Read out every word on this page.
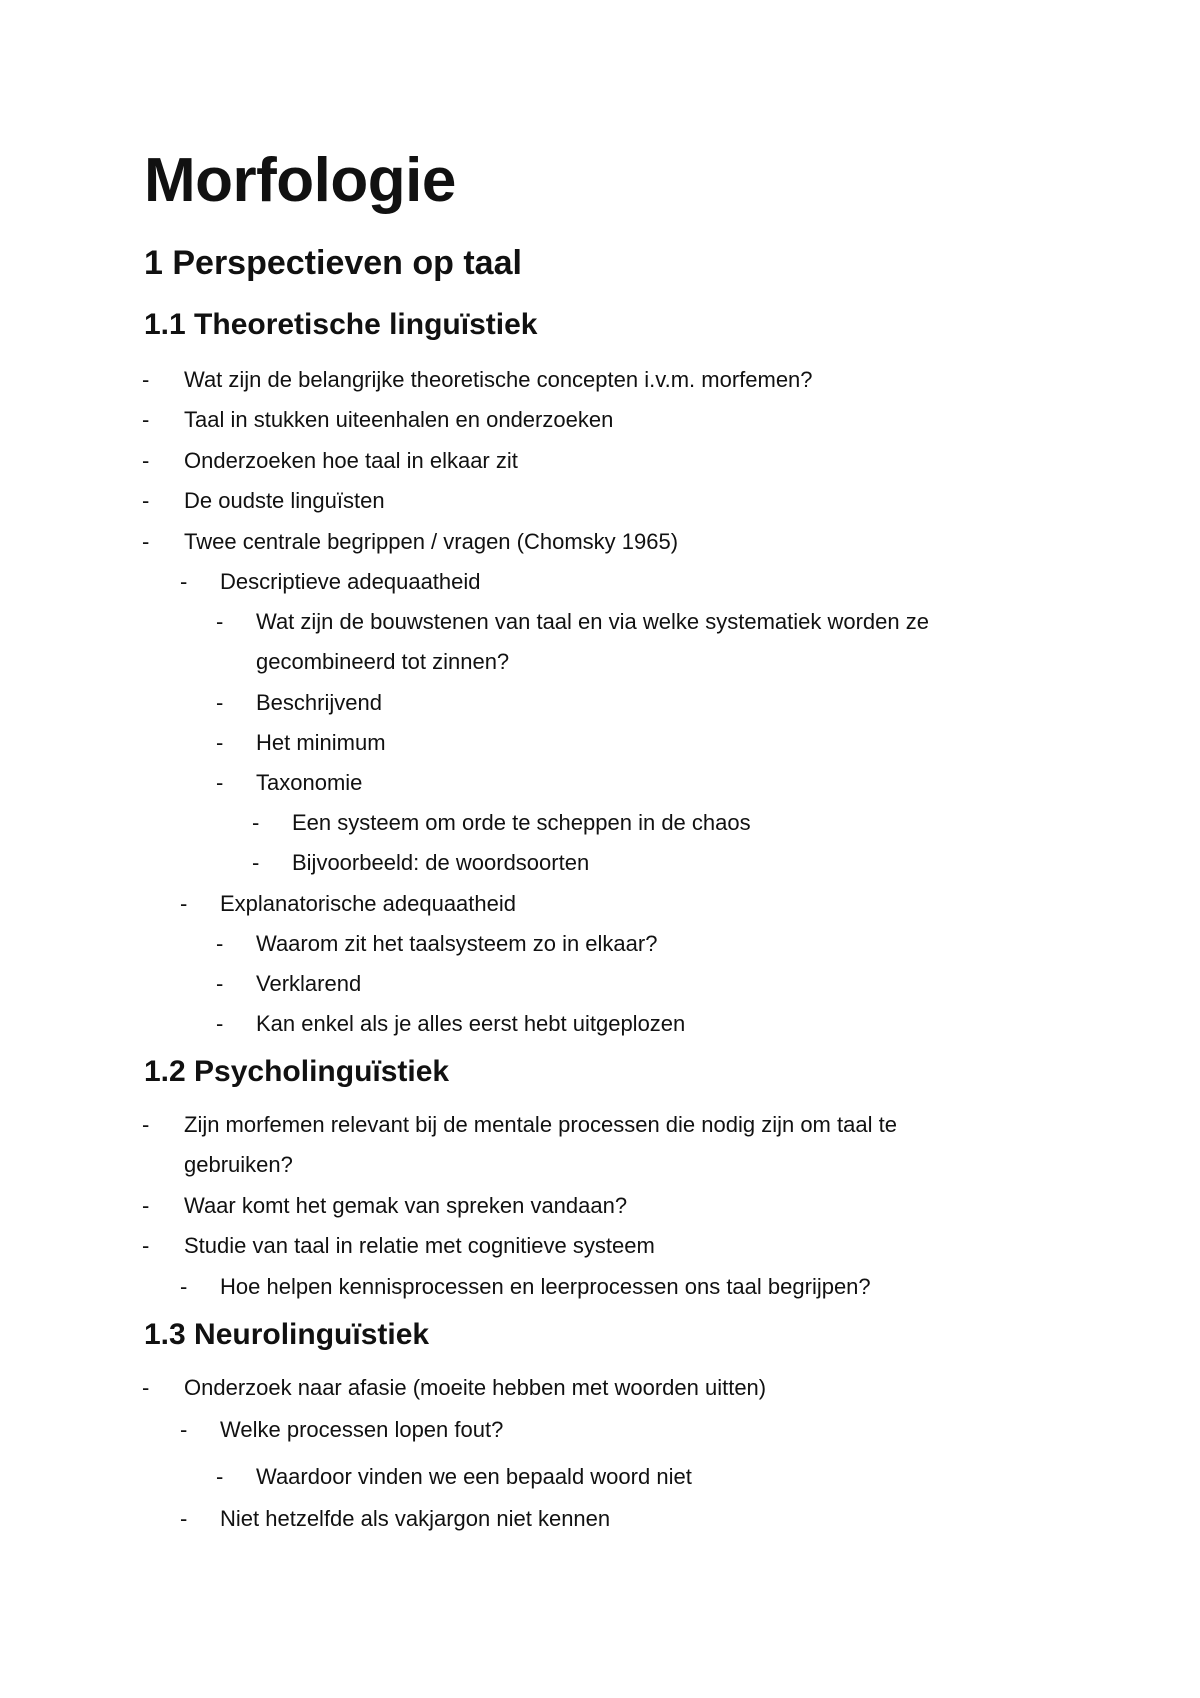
Morfologie
1 Perspectieven op taal
1.1 Theoretische linguïstiek
- Wat zijn de belangrijke theoretische concepten i.v.m. morfemen?

- Taal in stukken uiteenhalen en onderzoeken

- Onderzoeken hoe taal in elkaar zit

- De oudste linguïsten

- Twee centrale begrippen / vragen (Chomsky 1965)

- Descriptieve adequaatheid

- Wat zijn de bouwstenen van taal en via welke systematiek worden ze

gecombineerd tot zinnen?

- Beschrijvend

- Het minimum

- Taxonomie

- Een systeem om orde te scheppen in de chaos

- Bijvoorbeeld: de woordsoorten

- Explanatorische adequaatheid

- Waarom zit het taalsysteem zo in elkaar?

- Verklarend

- Kan enkel als je alles eerst hebt uitgeplozen

1.2 Psycholinguïstiek
- Zijn morfemen relevant bij de mentale processen die nodig zijn om taal te

gebruiken?

- Waar komt het gemak van spreken vandaan?

- Studie van taal in relatie met cognitieve systeem

- Hoe helpen kennisprocessen en leerprocessen ons taal begrijpen?

1.3 Neurolinguïstiek
- Onderzoek naar afasie (moeite hebben met woorden uitten)

- Welke processen lopen fout?

- Waardoor vinden we een bepaald woord niet

- Niet hetzelfde als vakjargon niet kennen
